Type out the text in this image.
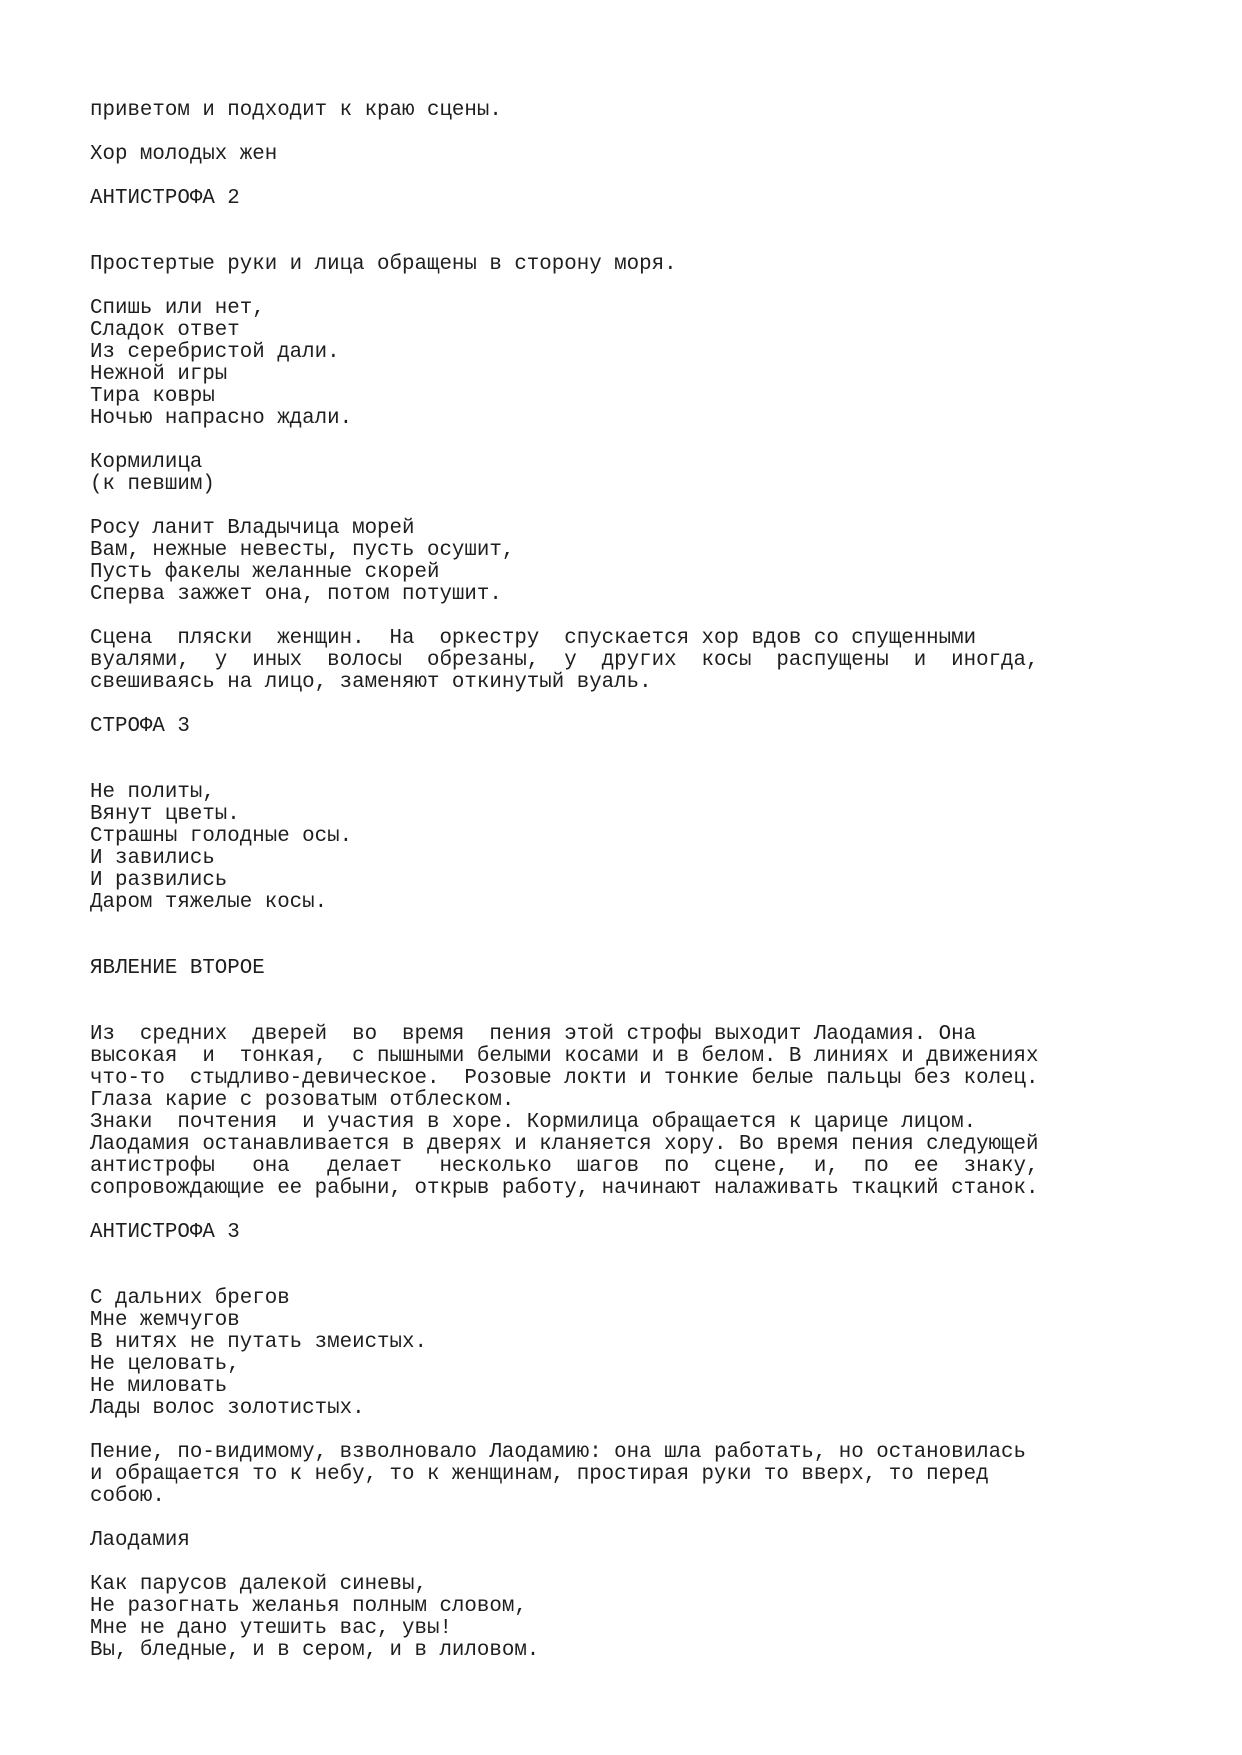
приветом и подходит к краю сцены.
Хор молодых жен
АНТИСТРОФА 2
Простертые руки и лица обращены в сторону моря.
Спишь или нет,
Сладок ответ
Из серебристой дали.
Нежной игры
Тира ковры
Ночью напрасно ждали.
Кормилица
(к певшим)
Росу ланит Владычица морей
Вам, нежные невесты, пусть осушит,
Пусть факелы желанные скорей
Сперва зажжет она, потом потушит.
Сцена  пляски  женщин.  На  оркестру  спускается хор вдов со спущенными
вуалями,  у  иных  волосы  обрезаны,  у  других  косы  распущены  и  иногда,
свешиваясь на лицо, заменяют откинутый вуаль.
СТРОФА 3
Не политы,
Вянут цветы.
Страшны голодные осы.
И завились
И развились
Даром тяжелые косы.
ЯВЛЕНИЕ ВТОРОЕ
Из  средних  дверей  во  время  пения этой строфы выходит Лаодамия. Она
высокая  и  тонкая,  с пышными белыми косами и в белом. В линиях и движениях
что-то  стыдливо-девическое.  Розовые локти и тонкие белые пальцы без колец.
Глаза карие с розоватым отблеском.
Знаки  почтения  и участия в хоре. Кормилица обращается к царице лицом.
Лаодамия останавливается в дверях и кланяется хору. Во время пения следующей
антистрофы   она   делает   несколько  шагов  по  сцене,  и,  по  ее  знаку,
сопровождающие ее рабыни, открыв работу, начинают налаживать ткацкий станок.
АНТИСТРОФА 3
С дальних брегов
Мне жемчугов
В нитях не путать змеистых.
Не целовать,
Не миловать
Лады волос золотистых.
Пение, по-видимому, взволновало Лаодамию: она шла работать, но остановилась
и обращается то к небу, то к женщинам, простирая руки то вверх, то перед
собою.
Лаодамия
Как парусов далекой синевы,
Не разогнать желанья полным словом,
Мне не дано утешить вас, увы!
Вы, бледные, и в сером, и в лиловом.
